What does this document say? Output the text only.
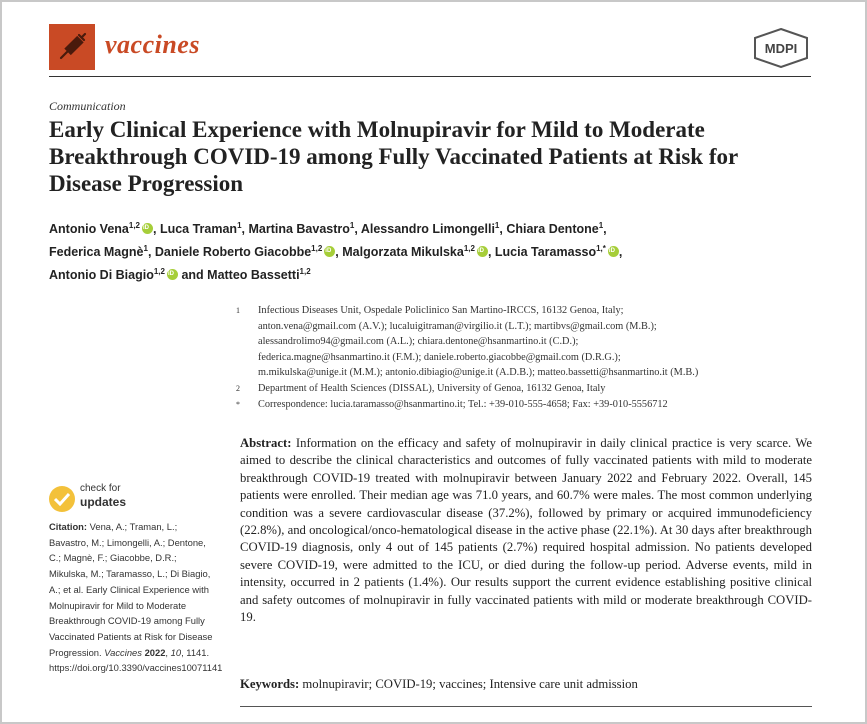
vaccines	MDPI
Communication
Early Clinical Experience with Molnupiravir for Mild to Moderate Breakthrough COVID-19 among Fully Vaccinated Patients at Risk for Disease Progression
Antonio Vena$^{1,2}$ iD , Luca Traman$^1$, Martina Bavastro$^1$, Alessandro Limongelli$^1$, Chiara Dentone$^1$,
Federica Magnè$^1$, Daniele Roberto Giacobbe$^{1,2}$ iD , Malgorzata Mikulska$^{1,2}$ iD , Lucia Taramasso$^{1,*}$ iD ,
Antonio Di Biagio$^{1,2}$iD and Matteo Bassetti$^{1,2}$
1	Infectious Diseases Unit, Ospedale Policlinico San Martino-IRCCS, 16132 Genoa, Italy;
anton.vena@gmail.com (A.V.); lucaluigitraman@virgilio.it (L.T.); martibvs@gmail.com (M.B.);
alessandrolimo94@gmail.com (A.L.); chiara.dentone@hsanmartino.it (C.D.);
federica.magne@hsanmartino.it (F.M.); daniele.roberto.giacobbe@gmail.com (D.R.G.);
m.mikulska@unige.it (M.M.); antonio.dibiagio@unige.it (A.D.B.); matteo.bassetti@hsanmartino.it (M.B.)
2	Department of Health Sciences (DISSAL), University of Genoa, 16132 Genoa, Italy
*	Correspondence: lucia.taramasso@hsanmartino.it; Tel.: +39-010-555-4658; Fax: +39-010-5556712
check for
updates
Citation: Vena, A.; Traman, L.; Bavastro, M.; Limongelli, A.; Dentone, C.; Magnè, F.; Giacobbe, D.R.; Mikulska, M.; Taramasso, L.; Di Biagio, A.; et al. Early Clinical Experience with Molnupiravir for Mild to Moderate Breakthrough COVID-19 among Fully Vaccinated Patients at Risk for Disease Progression. Vaccines 2022, 10, 1141. https://doi.org/10.3390/vaccines10071141
Abstract: Information on the efficacy and safety of molnupiravir in daily clinical practice is very scarce. We aimed to describe the clinical characteristics and outcomes of fully vaccinated patients with mild to moderate breakthrough COVID-19 treated with molnupiravir between January 2022 and February 2022. Overall, 145 patients were enrolled. Their median age was 71.0 years, and 60.7% were males. The most common underlying condition was a severe cardiovascular disease (37.2%), followed by primary or acquired immunodeficiency (22.8%), and oncological/onco-hematological disease in the active phase (22.1%). At 30 days after breakthrough COVID-19 diagnosis, only 4 out of 145 patients (2.7%) required hospital admission. No patients developed severe COVID-19, were admitted to the ICU, or died during the follow-up period. Adverse events, mild in intensity, occurred in 2 patients (1.4%). Our results support the current evidence establishing positive clinical and safety outcomes of molnupiravir in fully vaccinated patients with mild or moderate breakthrough COVID-19.
Keywords: molnupiravir; COVID-19; vaccines; Intensive care unit admission
